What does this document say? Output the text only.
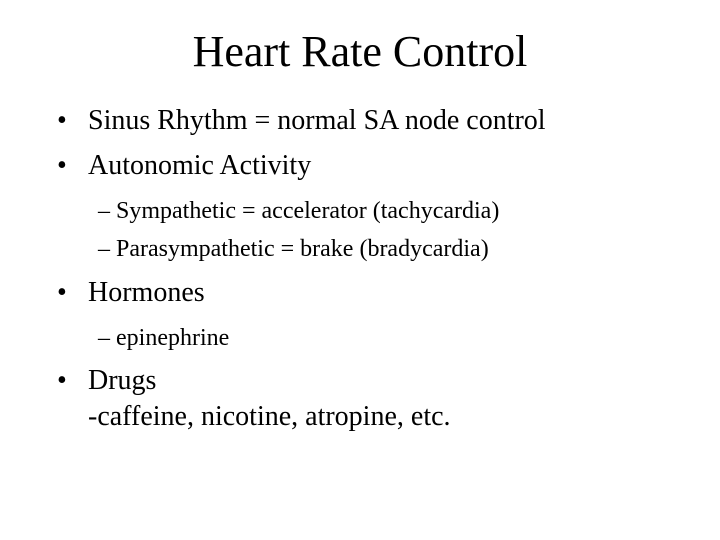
Heart Rate Control
• Sinus Rhythm = normal SA node control
• Autonomic Activity
– Sympathetic = accelerator (tachycardia)
– Parasympathetic = brake (bradycardia)
• Hormones
– epinephrine
• Drugs
-caffeine, nicotine, atropine, etc.
